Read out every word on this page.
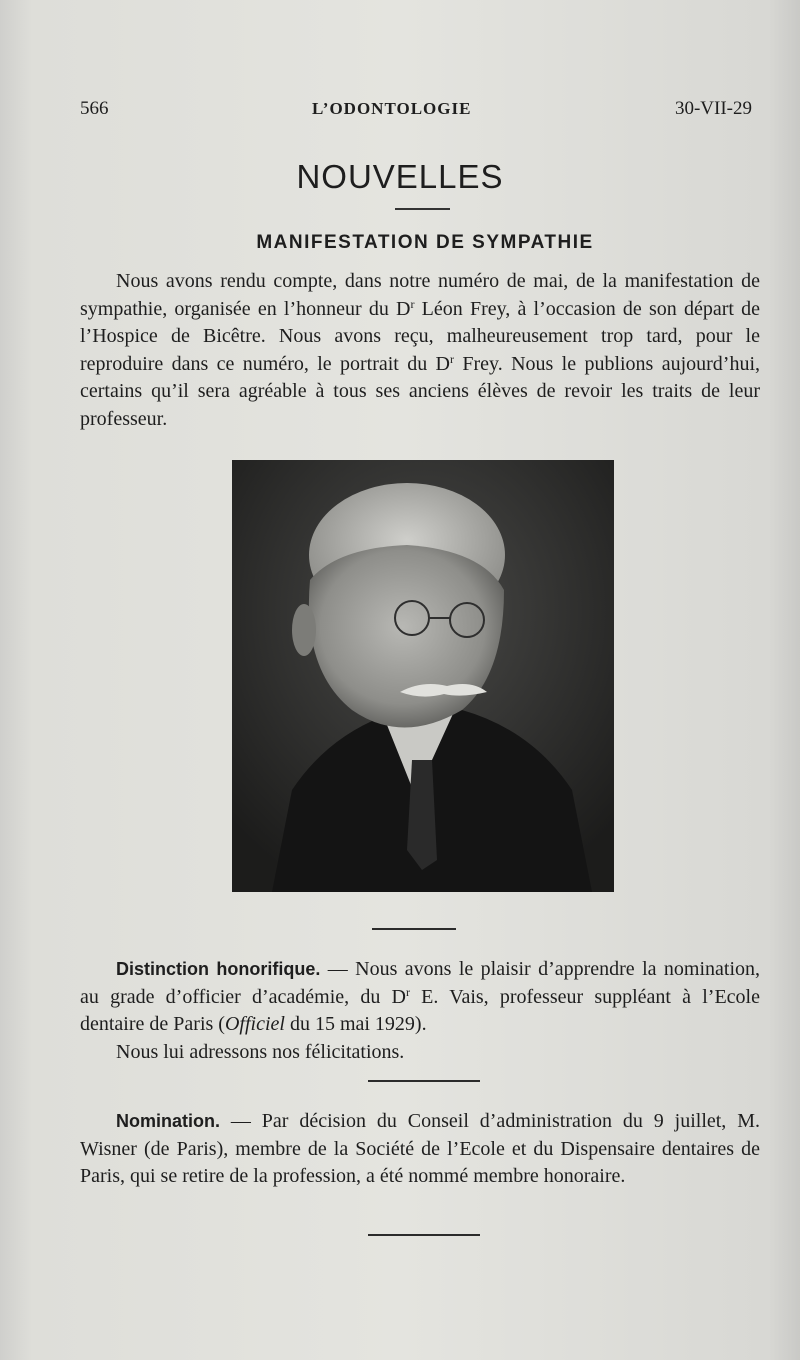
566	L’ODONTOLOGIE	30-VII-29
NOUVELLES
MANIFESTATION DE SYMPATHIE

Nous avons rendu compte, dans notre numéro de mai, de la manifestation de sympathie, organisée en l’honneur du $D^r$ Léon Frey, à l’occasion de son départ de l’Hospice de Bicêtre. Nous avons reçu, malheureusement trop tard, pour le reproduire dans ce numéro, le portrait du $D^r$ Frey. Nous le publions aujourd’hui, certains qu’il sera agréable à tous ses anciens élèves de revoir les traits de leur professeur.

Distinction honorifique. — Nous avons le plaisir d’apprendre la nomination, au grade d’officier d’académie, du $D^r$ E. Vais, professeur suppléant à l’Ecole dentaire de Paris (Officiel du 15 mai 1929).

Nous lui adressons nos félicitations.

Nomination. — Par décision du Conseil d’administration du 9 juillet, M. Wisner (de Paris), membre de la Société de l’Ecole et du Dispensaire dentaires de Paris, qui se retire de la profession, a été nommé membre honoraire.
